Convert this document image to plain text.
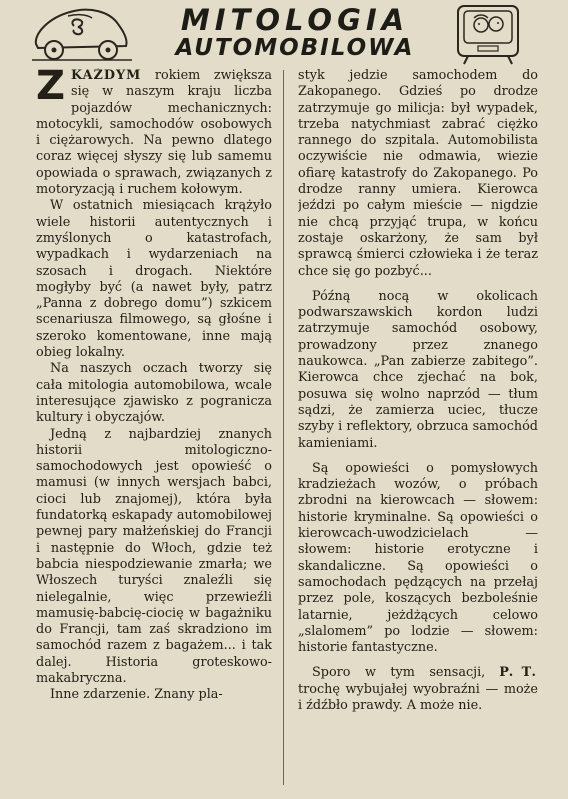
MITOLOGIA
AUTOMOBILOWA

ZKAŻDYM rokiem zwiększa się w naszym kraju liczba pojazdów mechanicznych: motocykli, samochodów osobowych i ciężarowych. Na pewno dlatego coraz więcej słyszy się lub samemu opowiada o sprawach, związanych z motoryzacją i ruchem kołowym.

W ostatnich miesiącach krążyło wiele historii autentycznych i zmyślonych o katastrofach, wypadkach i wydarzeniach na szosach i drogach. Niektóre mogłyby być (a nawet były, patrz „Panna z dobrego domu”) szkicem scenariusza filmowego, są głośne i szeroko komentowane, inne mają obieg lokalny.

Na naszych oczach tworzy się cała mitologia automobilowa, wcale interesujące zjawisko z pogranicza kultury i obyczajów.

Jedną z najbardziej znanych historii mitologiczno-samochodowych jest opowieść o mamusi (w innych wersjach babci, cioci lub znajomej), która była fundatorką eskapady automobilowej pewnej pary małżeńskiej do Francji i następnie do Włoch, gdzie też babcia niespodziewanie zmarła; we Włoszech turyści znaleźli się nielegalnie, więc przewieźli mamusię-babcię-ciocię w bagażniku do Francji, tam zaś skradziono im samochód razem z bagażem... i tak dalej. Historia groteskowo-makabryczna.

Inne zdarzenie. Znany pla-

styk jedzie samochodem do Zakopanego. Gdzieś po drodze zatrzymuje go milicja: był wypadek, trzeba natychmiast zabrać ciężko rannego do szpitala. Automobilista oczywiście nie odmawia, wiezie ofiarę katastrofy do Zakopanego. Po drodze ranny umiera. Kierowca jeździ po całym mieście — nigdzie nie chcą przyjąć trupa, w końcu zostaje oskarżony, że sam był sprawcą śmierci człowieka i że teraz chce się go pozbyć...

Późną nocą w okolicach podwarszawskich kordon ludzi zatrzymuje samochód osobowy, prowadzony przez znanego naukowca. „Pan zabierze zabitego”. Kierowca chce zjechać na bok, posuwa się wolno naprzód — tłum sądzi, że zamierza uciec, tłucze szyby i reflektory, obrzuca samochód kamieniami.

Są opowieści o pomysłowych kradzieżach wozów, o próbach zbrodni na kierowcach — słowem: historie kryminalne. Są opowieści o kierowcach-uwodzicielach — słowem: historie erotyczne i skandaliczne. Są opowieści o samochodach pędzących na przełaj przez pole, koszących bezboleśnie latarnie, jeżdżących celowo „slalomem” po lodzie — słowem: historie fantastyczne.

P. T.
Sporo w tym sensacji, trochę wybujałej wyobraźni — może i źdźbło prawdy. A może nie.
